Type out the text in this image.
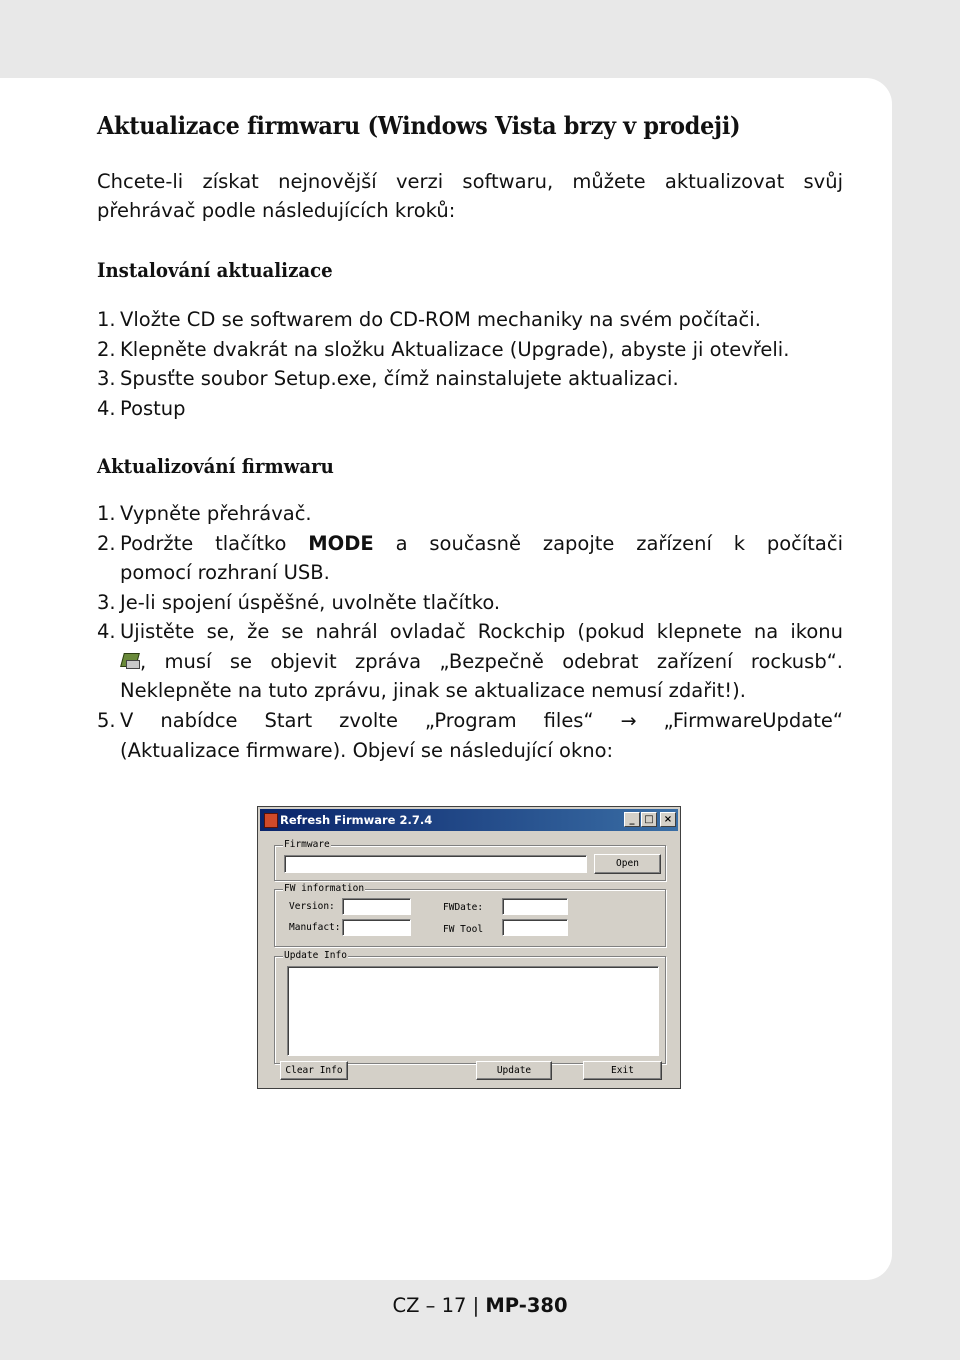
Aktualizace firmwaru (Windows Vista brzy v prodeji)

Chcete-li získat nejnovější verzi softwaru, můžete aktualizovat svůj

přehrávač podle následujících kroků:

Instalování aktualizace
1. Vložte CD se softwarem do CD-ROM mechaniky na svém počítači.
2. Klepněte dvakrát na složku Aktualizace (Upgrade), abyste ji otevřeli.
3. Spusťte soubor Setup.exe, čímž nainstalujete aktualizaci.
4. Postup
Aktualizování firmwaru
1. Vypněte přehrávač.
2. Podržte tlačítko MODE a současně zapojte zařízení k počítači
pomocí rozhraní USB.
3. Je-li spojení úspěšné, uvolněte tlačítko.
4. Ujistěte se, že se nahrál ovladač Rockchip (pokud klepnete na ikonu
, musí se objevit zpráva „Bezpečně odebrat zařízení rockusb“.
Neklepněte na tuto zprávu, jinak se aktualizace nemusí zdařit!).
5. V nabídce Start zvolte „Program files“ → „FirmwareUpdate“
(Aktualizace firmware). Objeví se následující okno:
Refresh Firmware 2.7.4	_ □	×
Firmware
Open
FW information
Version:
Manufact:
FWDate:
FW Tool
Update Info
Clear Info	Update	Exit
CZ – 17 | MP-380
